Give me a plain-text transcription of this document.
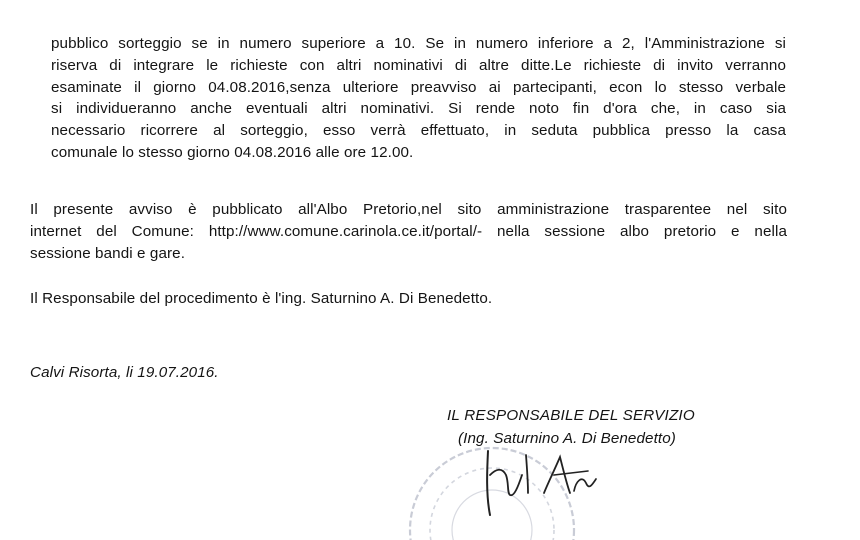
pubblico sorteggio se in numero superiore a 10. Se in numero inferiore a 2, l'Amministrazione si
riserva di integrare le richieste con altri nominativi di altre ditte.Le richieste di invito verranno
esaminate il giorno 04.08.2016,senza ulteriore preavviso ai partecipanti, econ lo stesso verbale
si individueranno anche eventuali altri nominativi. Si rende noto fin d'ora che, in caso sia
necessario ricorrere al sorteggio, esso verrà effettuato, in seduta pubblica presso la casa
comunale lo stesso giorno 04.08.2016 alle ore 12.00.
Il presente avviso è pubblicato all'Albo Pretorio,nel sito amministrazione trasparentee nel sito
internet del Comune: http://www.comune.carinola.ce.it/portal/- nella sessione albo pretorio e nella
sessione bandi e gare.
Il Responsabile del procedimento è l'ing. Saturnino A. Di Benedetto.
Calvi Risorta, li 19.07.2016.
IL RESPONSABILE DEL SERVIZIO
(Ing. Saturnino A. Di Benedetto)
